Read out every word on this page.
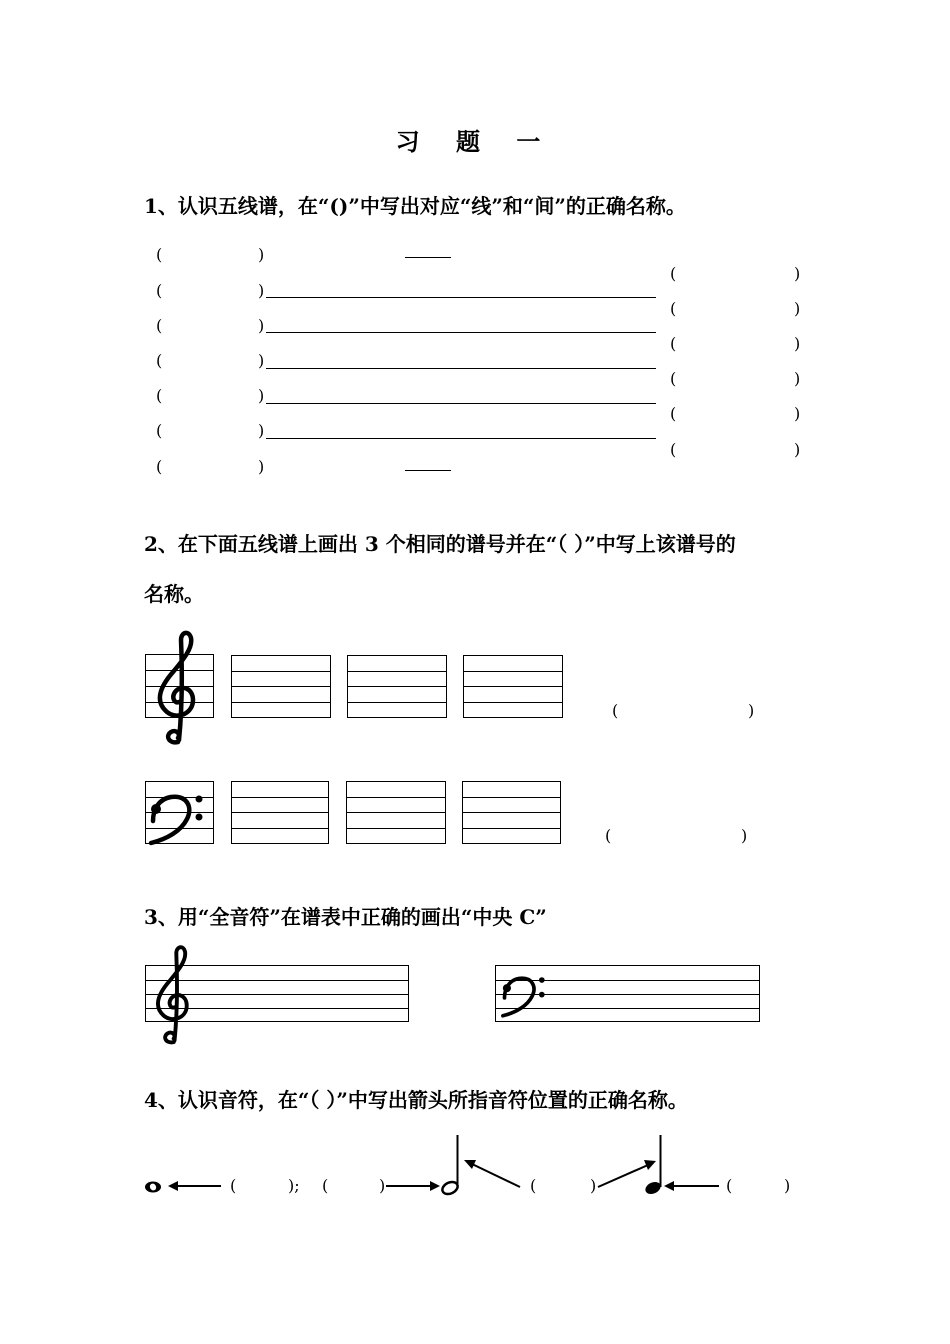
习 题 一
1、认识五线谱，在“()”中写出对应“线”和“间”的正确名称。
(	)
(	)
(	)
(	)
(	)
(	)
(	)
(	)
(	)
(	)
(	)
(	)
(	)
2、在下面五线谱上画出 3 个相同的谱号并在“（ ）”中写上该谱号的
名称。
(	)
(	)
3、用“全音符”在谱表中正确的画出“中央 C”
4、认识音符，在“（ ）”中写出箭头所指音符位置的正确名称。
(	); (	)	(	)	(	)
